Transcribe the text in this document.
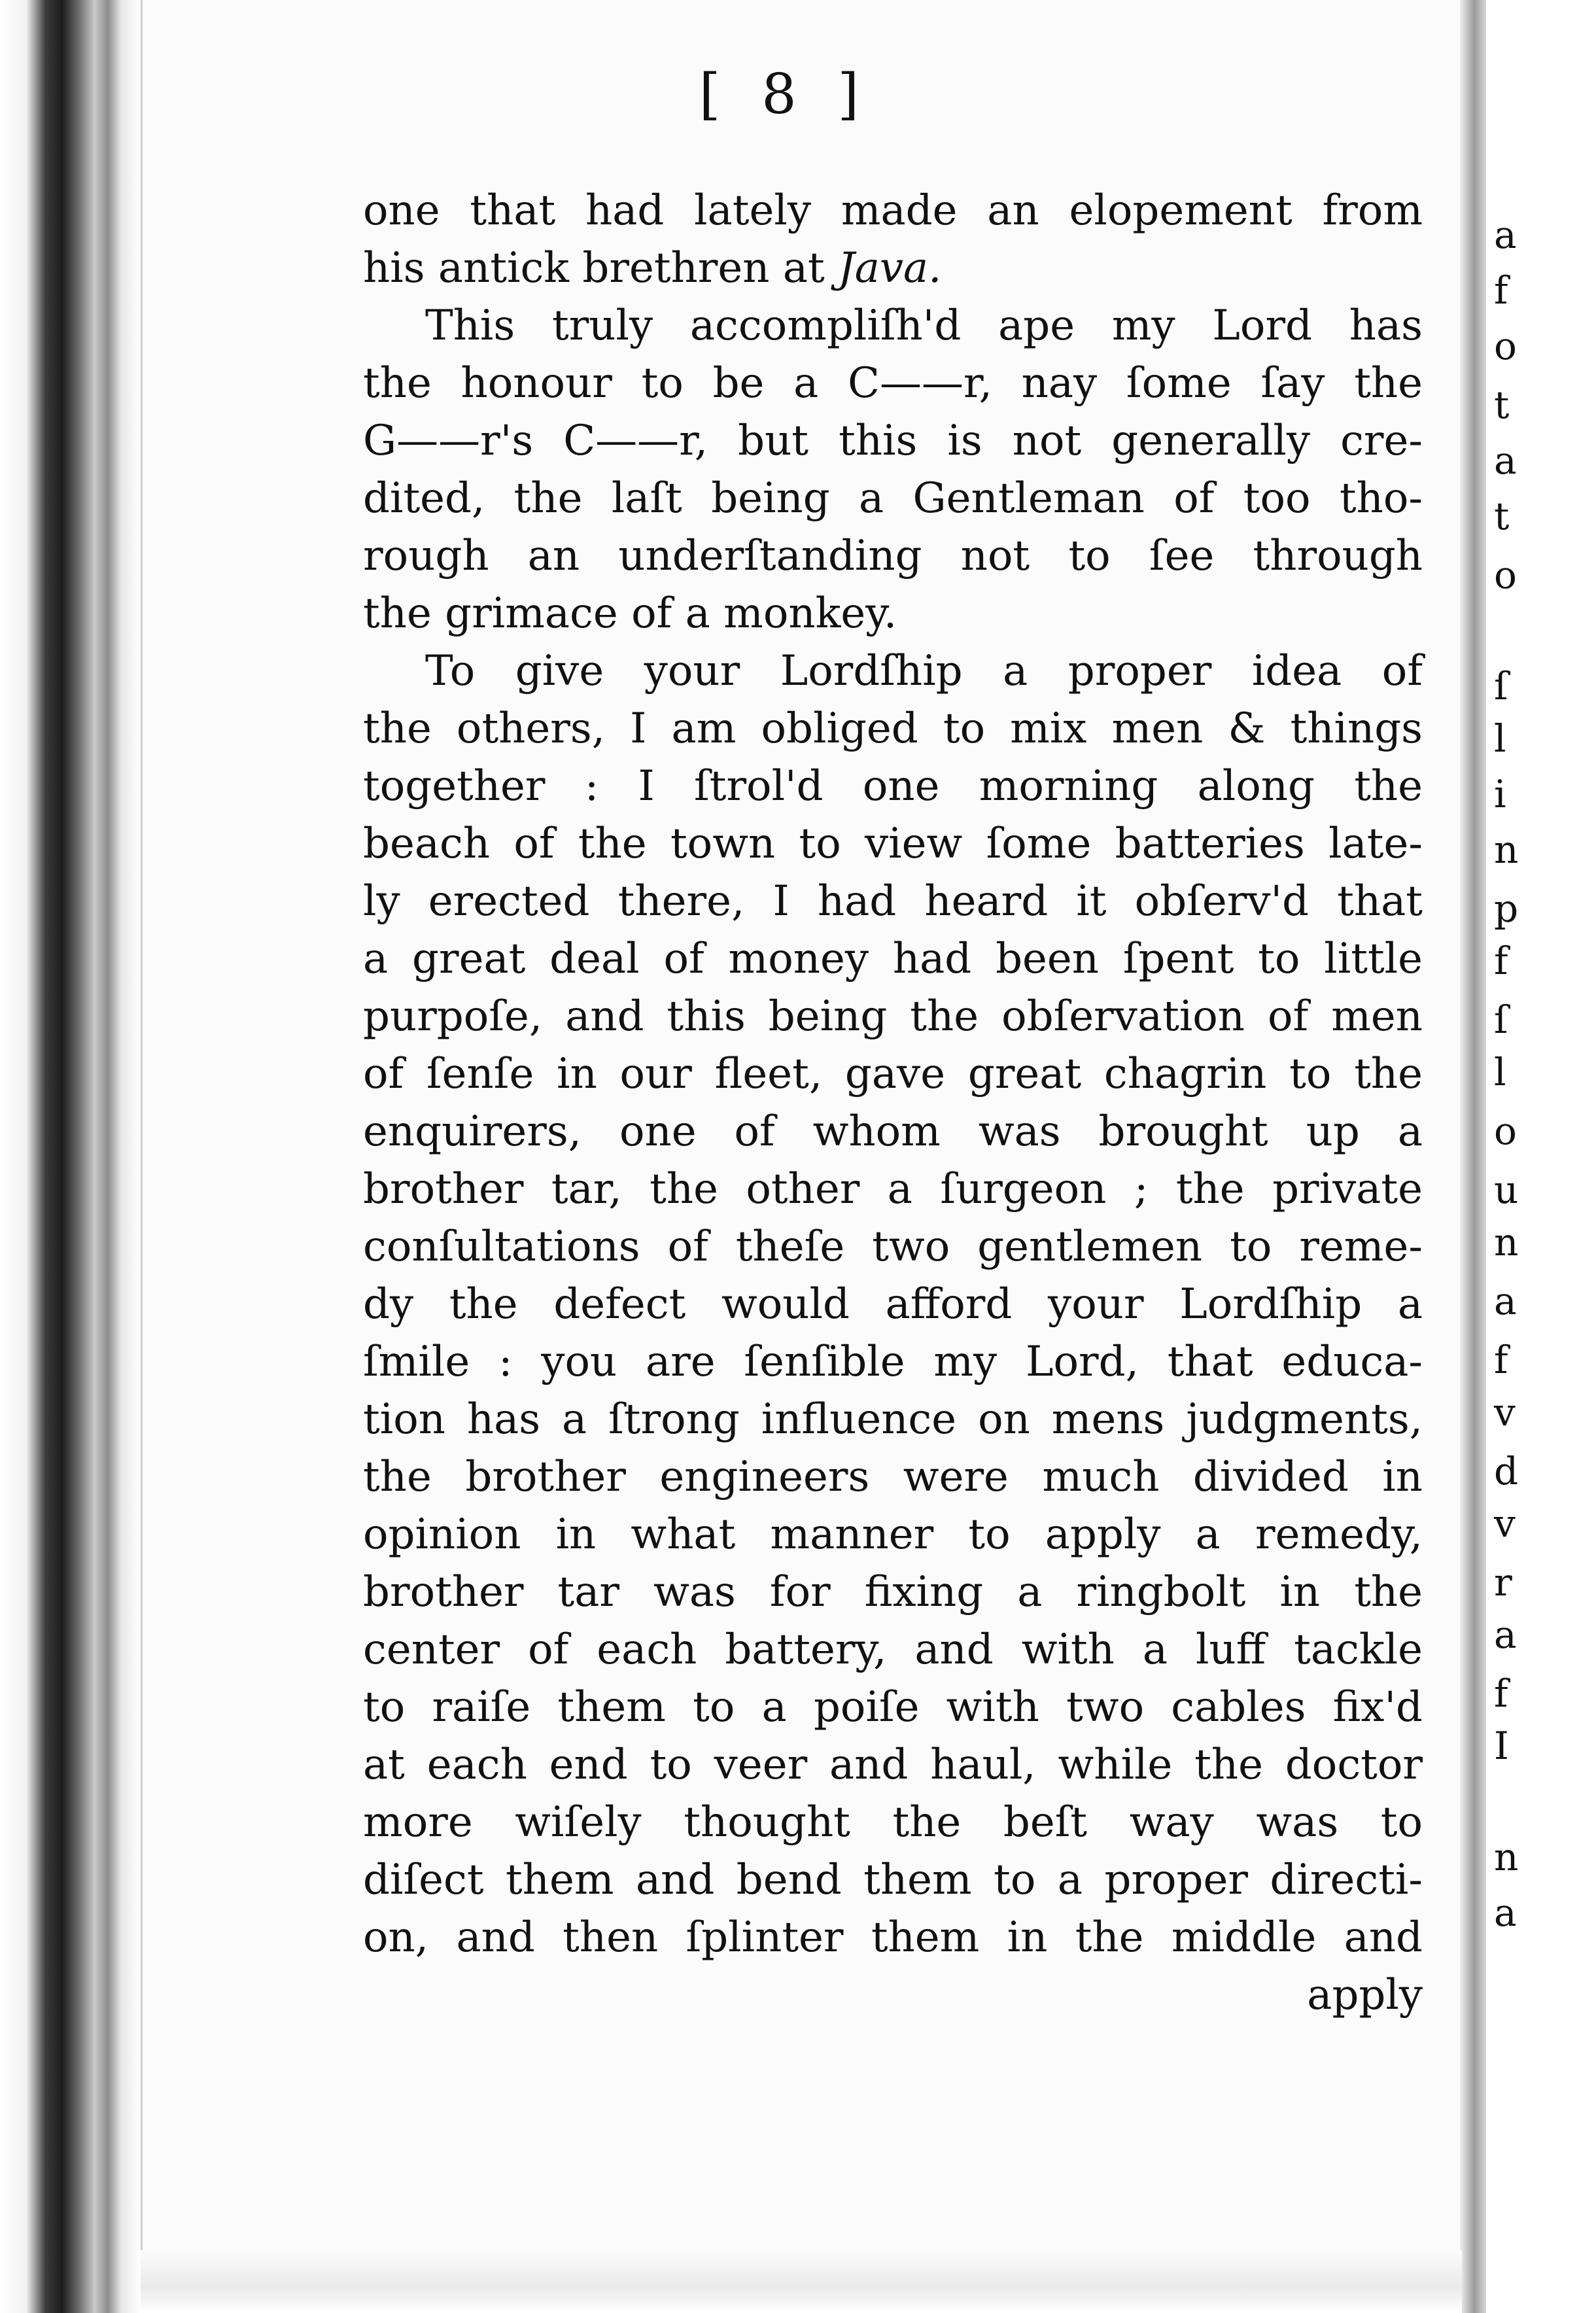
[ 8 ]
one that had lately made an elopement from
his antick brethren at Java.
This truly accompliſh'd ape my Lord has
the honour to be a C——r, nay ſome ſay the
G——r's C——r, but this is not generally cre-
dited, the laſt being a Gentleman of too tho-
rough an underſtanding not to ſee through
the grimace of a monkey.
To give your Lordſhip a proper idea of
the others, I am obliged to mix men & things
together : I ſtrol'd one morning along the
beach of the town to view ſome batteries late-
ly erected there, I had heard it obſerv'd that
a great deal of money had been ſpent to little
purpoſe, and this being the obſervation of men
of ſenſe in our fleet, gave great chagrin to the
enquirers, one of whom was brought up a
brother tar, the other a ſurgeon ; the private
conſultations of theſe two gentlemen to reme-
dy the defect would afford your Lordſhip a
ſmile : you are ſenſible my Lord, that educa-
tion has a ſtrong influence on mens judgments,
the brother engineers were much divided in
opinion in what manner to apply a remedy,
brother tar was for fixing a ringbolt in the
center of each battery, and with a luff tackle
to raiſe them to a poiſe with two cables fix'd
at each end to veer and haul, while the doctor
more wiſely thought the beſt way was to
diſect them and bend them to a proper directi-
on, and then ſplinter them in the middle and
apply
a
f
o
t
a
t
o
ſ
l
i
n
p
f
ſ
l
o
u
n
a
f
v
d
v
r
a
f
I
n
a
